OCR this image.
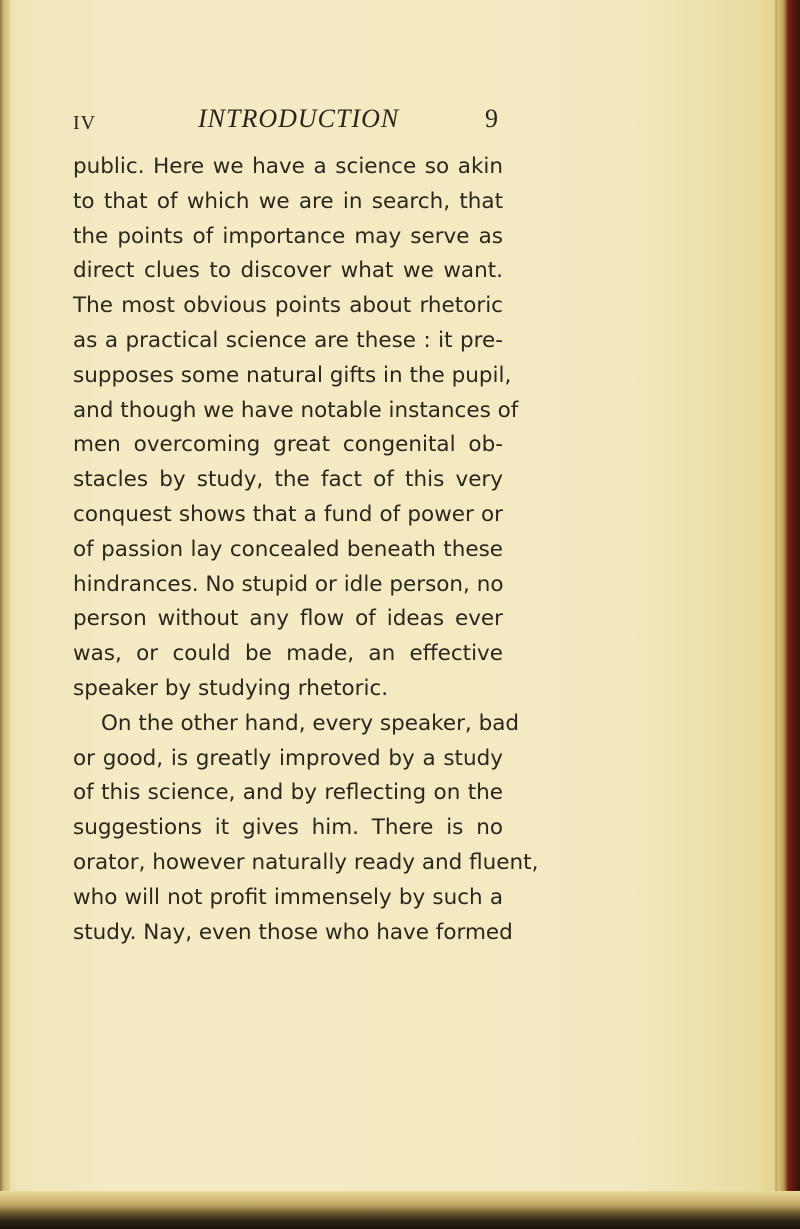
IV	INTRODUCTION	9
public. Here we have a science so akin
to that of which we are in search, that
the points of importance may serve as
direct clues to discover what we want.
The most obvious points about rhetoric
as a practical science are these : it pre-
supposes some natural gifts in the pupil,
and though we have notable instances of
men overcoming great congenital ob-
stacles by study, the fact of this very
conquest shows that a fund of power or
of passion lay concealed beneath these
hindrances. No stupid or idle person, no
person without any flow of ideas ever
was, or could be made, an effective
speaker by studying rhetoric.
On the other hand, every speaker, bad
or good, is greatly improved by a study
of this science, and by reflecting on the
suggestions it gives him. There is no
orator, however naturally ready and fluent,
who will not profit immensely by such a
study. Nay, even those who have formed
